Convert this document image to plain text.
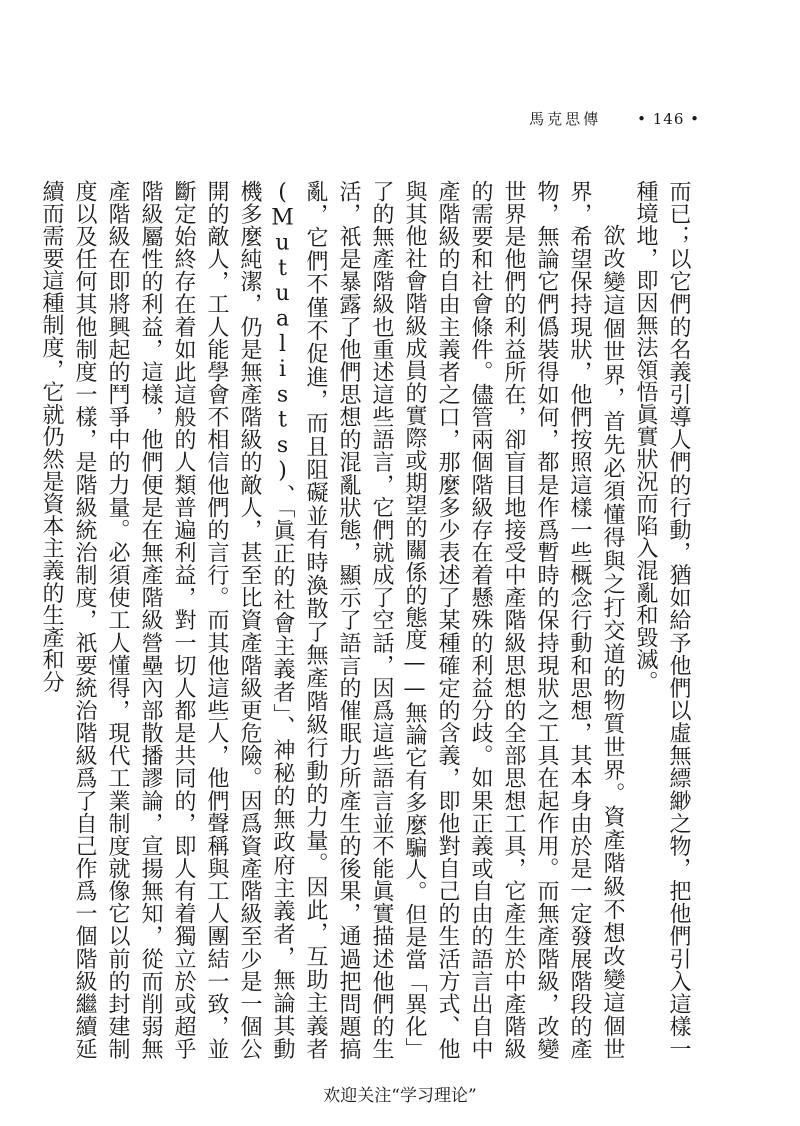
馬克思傳 • 146 •

而已；以它們的名義引導人們的行動，猶如給予他們以虛無縹緲之物，把他們引入這樣一種境地，即因無法領悟眞實狀況而陷入混亂和毀滅。

欲改變這個世界，首先必須懂得與之打交道的物質世界。資產階級不想改變這個世界，希望保持現狀，他們按照這樣一些概念行動和思想，其本身由於是一定發展階段的產物，無論它們僞裝得如何，都是作爲暫時的保持現狀之工具在起作用。而無產階級，改變世界是他們的利益所在，卻盲目地接受中產階級思想的全部思想工具，它產生於中產階級的需要和社會條件。儘管兩個階級存在着懸殊的利益分歧。如果正義或自由的語言出自中產階級的自由主義者之口，那麼多少表述了某種確定的含義，即他對自己的生活方式、他與其他社會階級成員的實際或期望的關係的態度——無論它有多麼騙人。但是當「異化」了的無產階級也重述這些語言，它們就成了空話，因爲這些語言並不能眞實描述他們的生活，祇是暴露了他們思想的混亂狀態，顯示了語言的催眠力所產生的後果，通過把問題搞亂，它們不僅不促進，而且阻礙並有時渙散了無產階級行動的力量。因此，互助主義者(Mutualists)、「眞正的社會主義者」、神秘的無政府主義者，無論其動機多麼純潔，仍是無產階級的敵人，甚至比資產階級更危險。因爲資產階級至少是一個公開的敵人，工人能學會不相信他們的言行。而其他這些人，他們聲稱與工人團結一致，並斷定始終存在着如此這般的人類普遍利益，對一切人都是共同的，即人有着獨立於或超乎階級屬性的利益，這樣，他們便是在無產階級營壘內部散播謬論，宣揚無知，從而削弱無產階級在即將興起的鬥爭中的力量。必須使工人懂得，現代工業制度就像它以前的封建制度以及任何其他制度一樣，是階級統治制度，祇要統治階級爲了自己作爲一個階級繼續延續而需要這種制度，它就仍然是資本主義的生產和分

欢迎关注“学习理论”
